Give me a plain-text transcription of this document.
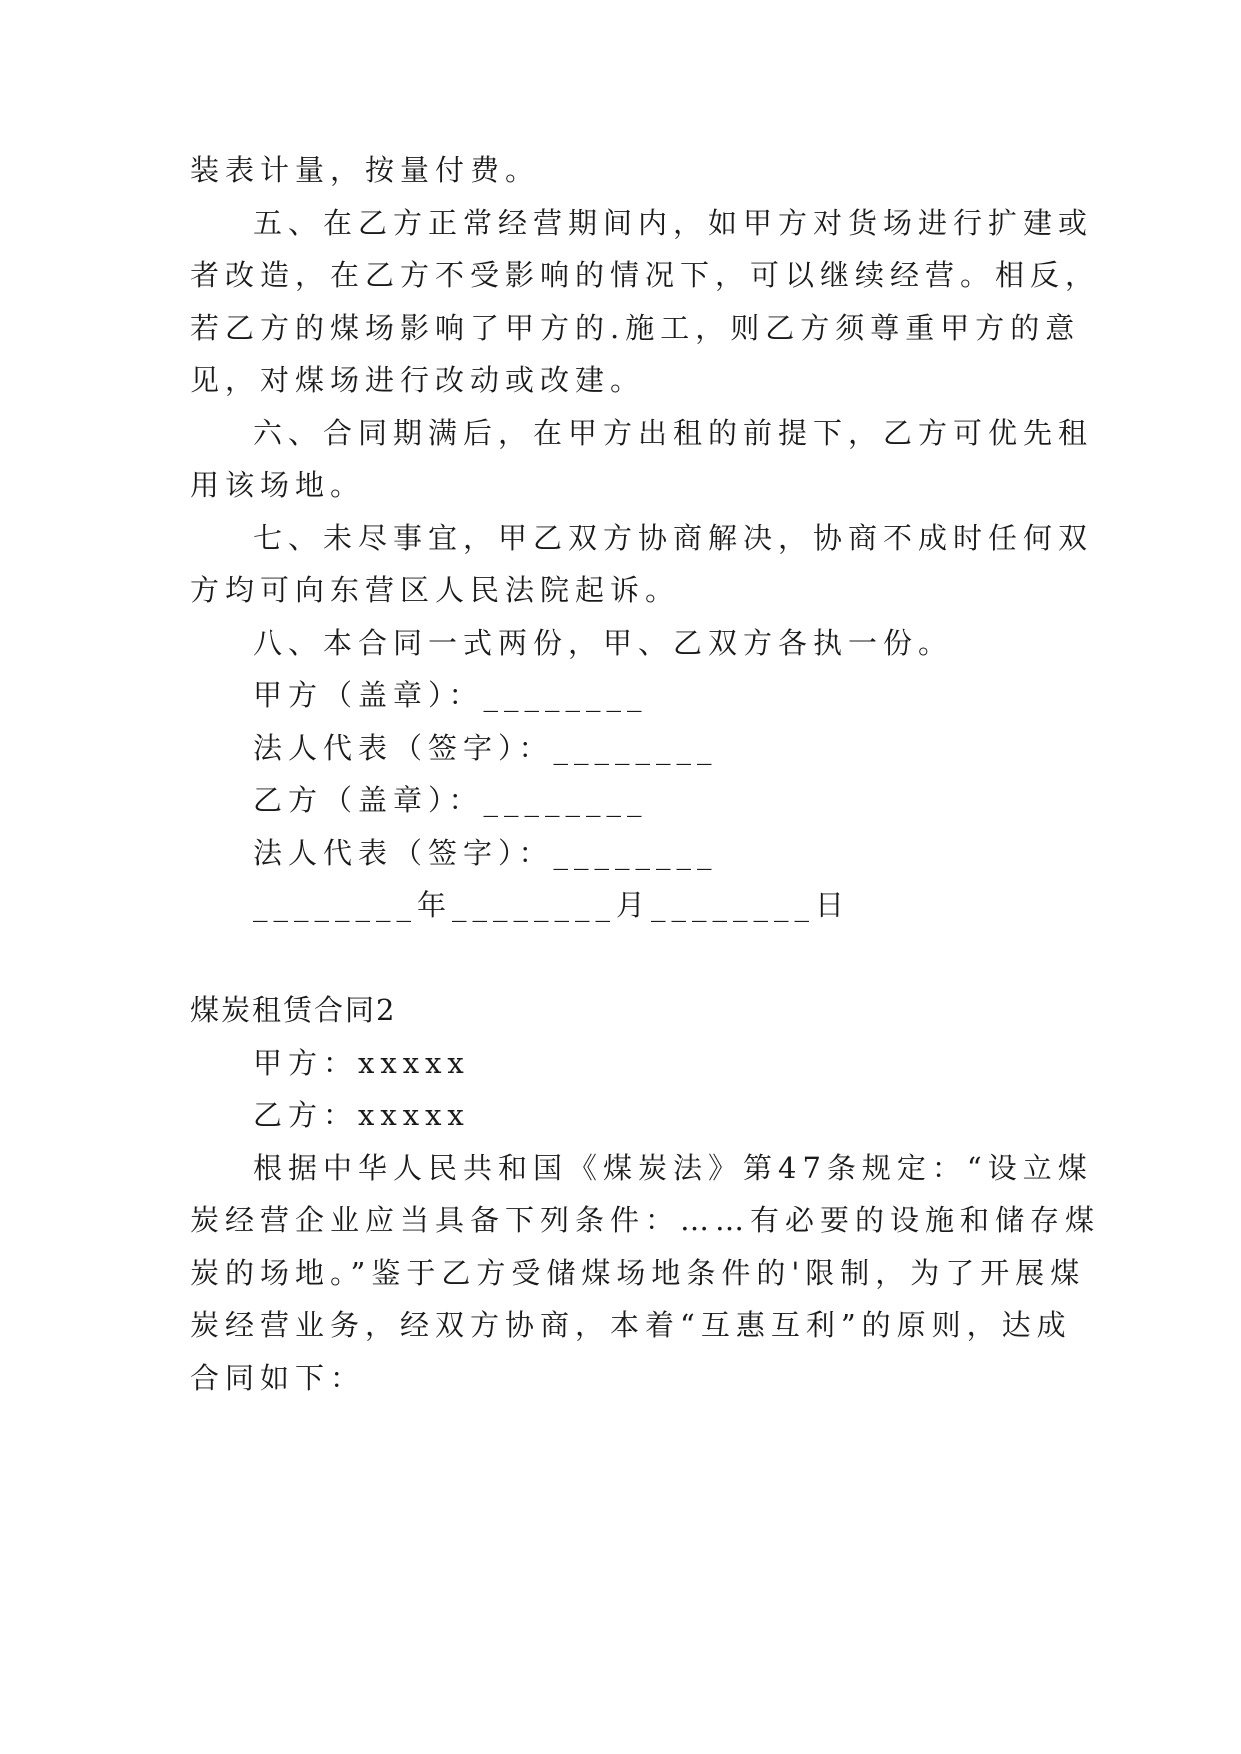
装表计量，按量付费。

五、在乙方正常经营期间内，如甲方对货场进行扩建或

者改造，在乙方不受影响的情况下，可以继续经营。相反，

若乙方的煤场影响了甲方的.施工，则乙方须尊重甲方的意

见，对煤场进行改动或改建。

六、合同期满后，在甲方出租的前提下，乙方可优先租

用该场地。

七、未尽事宜，甲乙双方协商解决，协商不成时任何双

方均可向东营区人民法院起诉。

八、本合同一式两份，甲、乙双方各执一份。

甲方（盖章）：________

法人代表（签字）：________

乙方（盖章）：________

法人代表（签字）：________

________年________月________日

煤炭租赁合同2

甲方：xxxxx

乙方：xxxxx

根据中华人民共和国《煤炭法》第47条规定：“设立煤

炭经营企业应当具备下列条件：……有必要的设施和储存煤

炭的场地。”鉴于乙方受储煤场地条件的'限制，为了开展煤

炭经营业务，经双方协商，本着“互惠互利”的原则，达成

合同如下：
